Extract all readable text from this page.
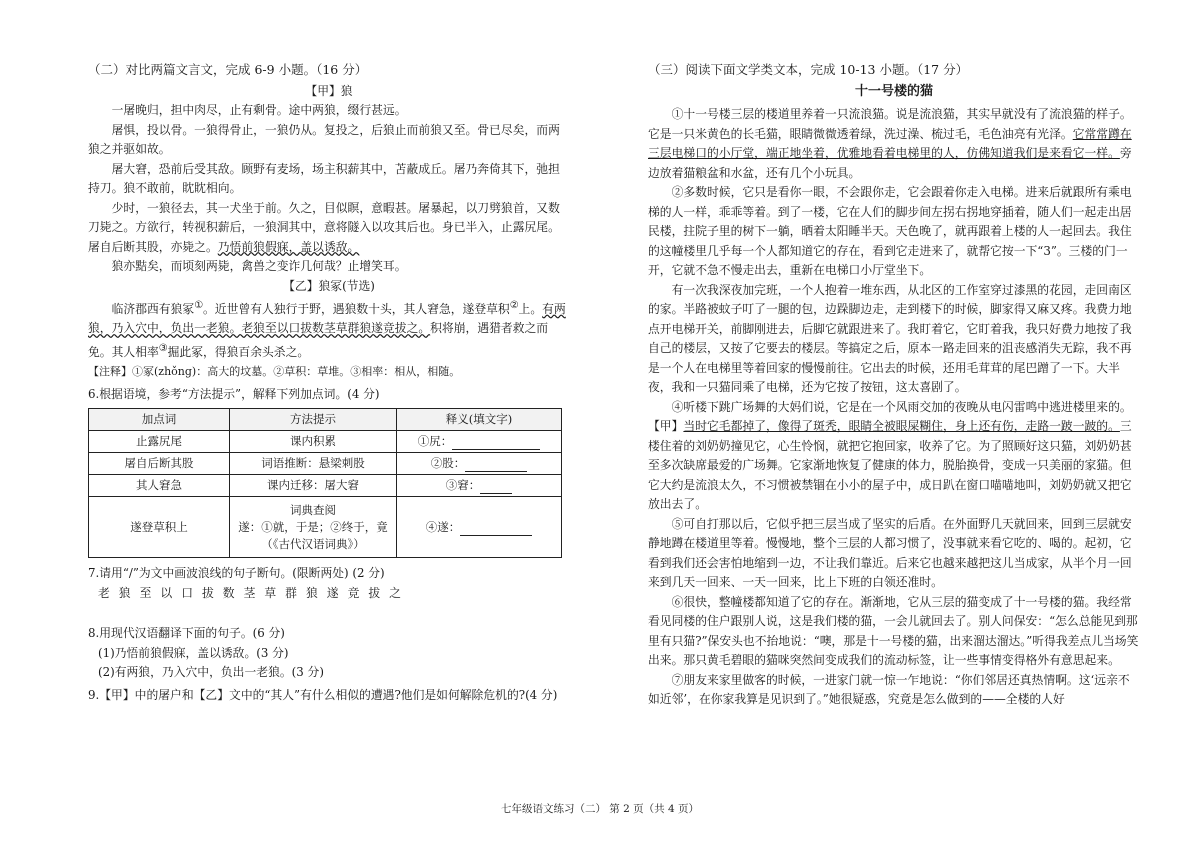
（二）对比两篇文言文，完成 6-9 小题。（16 分）

【甲】狼

一屠晚归，担中肉尽，止有剩骨。途中两狼，缀行甚远。

屠惧，投以骨。一狼得骨止，一狼仍从。复投之，后狼止而前狼又至。骨已尽矣，而两狼之并驱如故。

屠大窘，恐前后受其敌。顾野有麦场，场主积薪其中，苫蔽成丘。屠乃奔倚其下，弛担持刀。狼不敢前，眈眈相向。

少时，一狼径去，其一犬坐于前。久之，目似瞑，意暇甚。屠暴起，以刀劈狼首，又数刀毙之。方欲行，转视积薪后，一狼洞其中，意将隧入以攻其后也。身已半入，止露尻尾。屠自后断其股，亦毙之。乃悟前狼假寐，盖以诱敌。

狼亦黠矣，而顷刻两毙，禽兽之变诈几何哉？止增笑耳。

【乙】狼冢(节选)

临济郡西有狼冢①。近世曾有人独行于野，遇狼数十头，其人窘急，遂登草积②上。有两狼，乃入穴中，负出一老狼。老狼至以口拔数茎草群狼遂竞拔之。积将崩，遇猎者救之而免。其人相率③掘此冢，得狼百余头杀之。

【注释】①冢(zhǒng)：高大的坟墓。②草积：草堆。③相率：相从，相随。

6.根据语境，参考“方法提示”，解释下列加点词。(4 分)

加点词	方法提示	释义(填文字)
止露尻尾	课内积累	①尻：
屠自后断其股	词语推断：悬梁刺股	②股：
其人窘急	课内迁移：屠大窘	③窘：
遂登草积上	词典查阅
遂：①就，于是；②终于，竟
（《古代汉语词典》）	④遂：

7.请用“/”为文中画波浪线的句子断句。(限断两处) (2 分)

老狼至以口拔数茎草群狼遂竞拔之

8.用现代汉语翻译下面的句子。(6 分)

(1)乃悟前狼假寐，盖以诱敌。(3 分)

(2)有两狼，乃入穴中，负出一老狼。(3 分)

9.【甲】中的屠户和【乙】文中的“其人”有什么相似的遭遇?他们是如何解除危机的?(4 分)

（三）阅读下面文学类文本，完成 10-13 小题。（17 分）

十一号楼的猫

①十一号楼三层的楼道里养着一只流浪猫。说是流浪猫，其实早就没有了流浪猫的样子。它是一只米黄色的长毛猫，眼睛微微透着绿，洗过澡、梳过毛，毛色油亮有光泽。它常常蹲在三层电梯口的小厅堂，端正地坐着，优雅地看着电梯里的人，仿佛知道我们是来看它一样。旁边放着猫粮盆和水盆，还有几个小玩具。

②多数时候，它只是看你一眼，不会跟你走，它会跟着你走入电梯。进来后就跟所有乘电梯的人一样，乖乖等着。到了一楼，它在人们的脚步间左拐右拐地穿插着，随人们一起走出居民楼，拄院子里的树下一躺，晒着太阳睡半天。天色晚了，就再跟着上楼的人一起回去。我住的这幢楼里几乎每一个人都知道它的存在，看到它走进来了，就帮它按一下“3”。三楼的门一开，它就不急不慢走出去，重新在电梯口小厅堂坐下。

有一次我深夜加完班，一个人抱着一堆东西，从北区的工作室穿过漆黑的花园，走回南区的家。半路被蚊子叮了一腿的包，边跺脚边走，走到楼下的时候，脚家得又麻又疼。我费力地点开电梯开关，前脚刚进去，后脚它就跟进来了。我盯着它，它盯着我，我只好费力地按了我自己的楼层，又按了它要去的楼层。等搞定之后，原本一路走回来的沮丧感消失无踪，我不再是一个人在电梯里等着回家的慢慢前往。它出去的时候，还用毛茸茸的尾巴蹭了一下。大半夜，我和一只猫同乘了电梯，还为它按了按钮，这太喜剧了。

④听楼下跳广场舞的大妈们说，它是在一个风雨交加的夜晚从电闪雷鸣中逃进楼里来的。【甲】当时它毛都掉了，像得了斑秃，眼睛全被眼屎糊住，身上还有伤，走路一跛一跛的。三楼住着的刘奶奶撞见它，心生怜悯，就把它抱回家，收养了它。为了照顾好这只猫，刘奶奶甚至多次缺席最爱的广场舞。它家渐地恢复了健康的体力，脱胎换骨，变成一只美丽的家猫。但它大约是流浪太久，不习惯被禁锢在小小的屋子中，成日趴在窗口喵喵地叫，刘奶奶就又把它放出去了。

⑤可自打那以后，它似乎把三层当成了坚实的后盾。在外面野几天就回来，回到三层就安静地蹲在楼道里等着。慢慢地，整个三层的人都习惯了，没事就来看它吃的、喝的。起初，它看到我们还会害怕地缩到一边，不让我们靠近。后来它也越来越把这儿当成家，从半个月一回来到几天一回来、一天一回来，比上下班的白领还准时。

⑥很快，整幢楼都知道了它的存在。渐渐地，它从三层的猫变成了十一号楼的猫。我经常看见同楼的住户跟别人说，这是我们楼的猫，一会儿就回去了。别人问保安：“怎么总能见到那里有只猫?”保安头也不抬地说：“噢，那是十一号楼的猫，出来溜达溜达。”听得我差点儿当场笑出来。那只黄毛碧眼的猫咪突然间变成我们的流动标签，让一些事情变得格外有意思起来。

⑦朋友来家里做客的时候，一进家门就一惊一乍地说：“你们邻居还真热情啊。这‘远亲不如近邻’，在你家我算是见识到了。”她很疑惑，究竟是怎么做到的——全楼的人好

七年级语文练习（二） 第 2 页（共 4 页）
